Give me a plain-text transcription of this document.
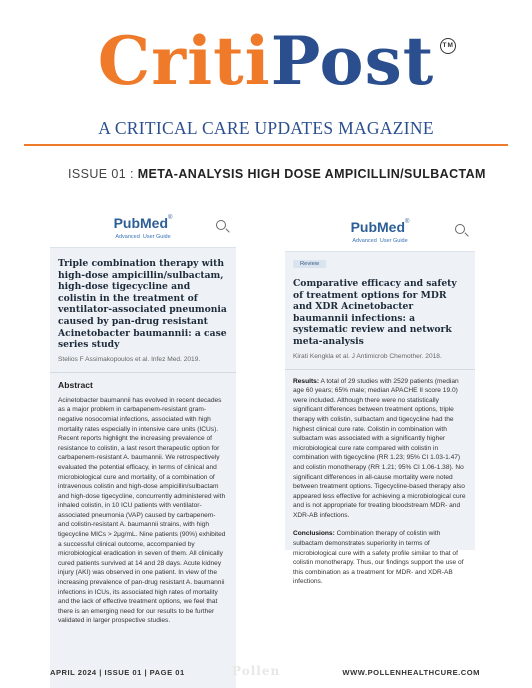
CritiPost	TM
A CRITICAL CARE UPDATES MAGAZINE
ISSUE 01 : META-ANALYSIS HIGH DOSE AMPICILLIN/SULBACTAM
PubMed®
Advanced User Guide
Triple combination therapy with high-dose ampicillin/sulbactam, high-dose tigecycline and colistin in the treatment of ventilator-associated pneumonia caused by pan-drug resistant Acinetobacter baumannii: a case series study
Stelios F Assimakopoulos et al. Infez Med. 2019.
Abstract
Acinetobacter baumannii has evolved in recent decades as a major problem in carbapenem-resistant gram-negative nosocomial infections, associated with high mortality rates especially in intensive care units (ICUs). Recent reports highlight the increasing prevalence of resistance to colistin, a last resort therapeutic option for carbapenem-resistant A. baumannii. We retrospectively evaluated the potential efficacy, in terms of clinical and microbiological cure and mortality, of a combination of intravenous colistin and high-dose ampicillin/sulbactam and high-dose tigecycline, concurrently administered with inhaled colistin, in 10 ICU patients with ventilator-associated pneumonia (VAP) caused by carbapenem- and colistin-resistant A. baumannii strains, with high tigecycline MICs > 2μg/mL. Nine patients (90%) exhibited a successful clinical outcome, accompanied by microbiological eradication in seven of them. All clinically cured patients survived at 14 and 28 days. Acute kidney injury (AKI) was observed in one patient. In view of the increasing prevalence of pan-drug resistant A. baumannii infections in ICUs, its associated high rates of mortality and the lack of effective treatment options, we feel that there is an emerging need for our results to be further validated in larger prospective studies.
PubMed®
Advanced User Guide
Review
Comparative efficacy and safety of treatment options for MDR and XDR Acinetobacter baumannii infections: a systematic review and network meta-analysis
Kirati Kengkla et al. J Antimicrob Chemother. 2018.
Results: A total of 29 studies with 2529 patients (median age 60 years; 65% male; median APACHE II score 19.0) were included. Although there were no statistically significant differences between treatment options, triple therapy with colistin, sulbactam and tigecycline had the highest clinical cure rate. Colistin in combination with sulbactam was associated with a significantly higher microbiological cure rate compared with colistin in combination with tigecycline (RR 1.23; 95% CI 1.03-1.47) and colistin monotherapy (RR 1.21; 95% CI 1.06-1.38). No significant differences in all-cause mortality were noted between treatment options. Tigecycline-based therapy also appeared less effective for achieving a microbiological cure and is not appropriate for treating bloodstream MDR- and XDR-AB infections.
Conclusions: Combination therapy of colistin with sulbactam demonstrates superiority in terms of microbiological cure with a safety profile similar to that of colistin monotherapy. Thus, our findings support the use of this combination as a treatment for MDR- and XDR-AB infections.
Pollen
APRIL 2024 | ISSUE 01 | PAGE 01	WWW.POLLENHEALTHCURE.COM
